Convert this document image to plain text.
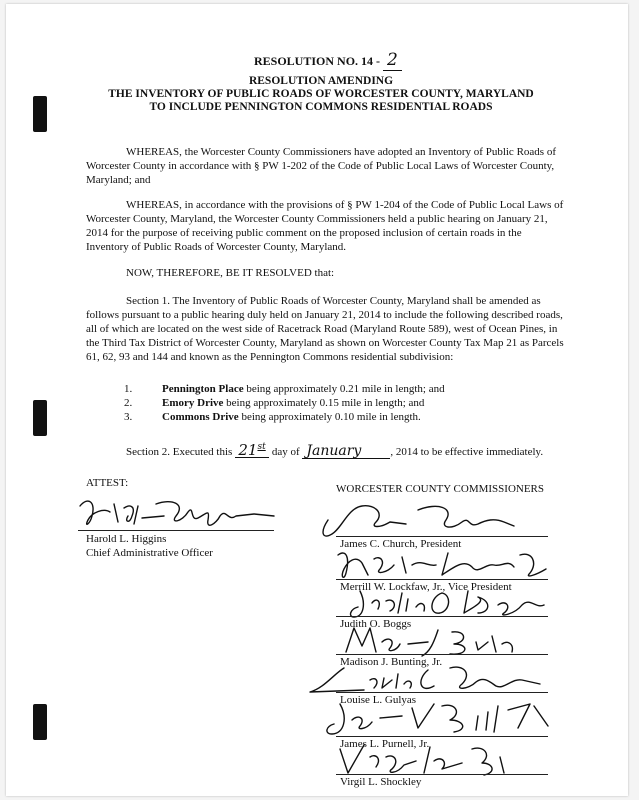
RESOLUTION NO. 14 - 2
RESOLUTION AMENDING
THE INVENTORY OF PUBLIC ROADS OF WORCESTER COUNTY, MARYLAND
TO INCLUDE PENNINGTON COMMONS RESIDENTIAL ROADS
WHEREAS, the Worcester County Commissioners have adopted an Inventory of Public Roads of Worcester County in accordance with § PW 1-202 of the Code of Public Local Laws of Worcester County, Maryland; and
WHEREAS, in accordance with the provisions of § PW 1-204 of the Code of Public Local Laws of Worcester County, Maryland, the Worcester County Commissioners held a public hearing on January 21, 2014 for the purpose of receiving public comment on the proposed inclusion of certain roads in the Inventory of Public Roads of Worcester County, Maryland.
NOW, THEREFORE, BE IT RESOLVED that:
Section 1. The Inventory of Public Roads of Worcester County, Maryland shall be amended as follows pursuant to a public hearing duly held on January 21, 2014 to include the following described roads, all of which are located on the west side of Racetrack Road (Maryland Route 589), west of Ocean Pines, in the Third Tax District of Worcester County, Maryland as shown on Worcester County Tax Map 21 as Parcels 61, 62, 93 and 144 and known as the Pennington Commons residential subdivision:
1.	Pennington Place being approximately 0.21 mile in length; and
2.	Emory Drive being approximately 0.15 mile in length; and
3.	Commons Drive being approximately 0.10 mile in length.
Section 2. Executed this 21st day of January	, 2014 to be effective immediately.
ATTEST:
Harold L. Higgins
Chief Administrative Officer
WORCESTER COUNTY COMMISSIONERS
James C. Church, President
Merrill W. Lockfaw, Jr., Vice President
Judith O. Boggs
Madison J. Bunting, Jr.
Louise L. Gulyas
James L. Purnell, Jr.
Virgil L. Shockley
